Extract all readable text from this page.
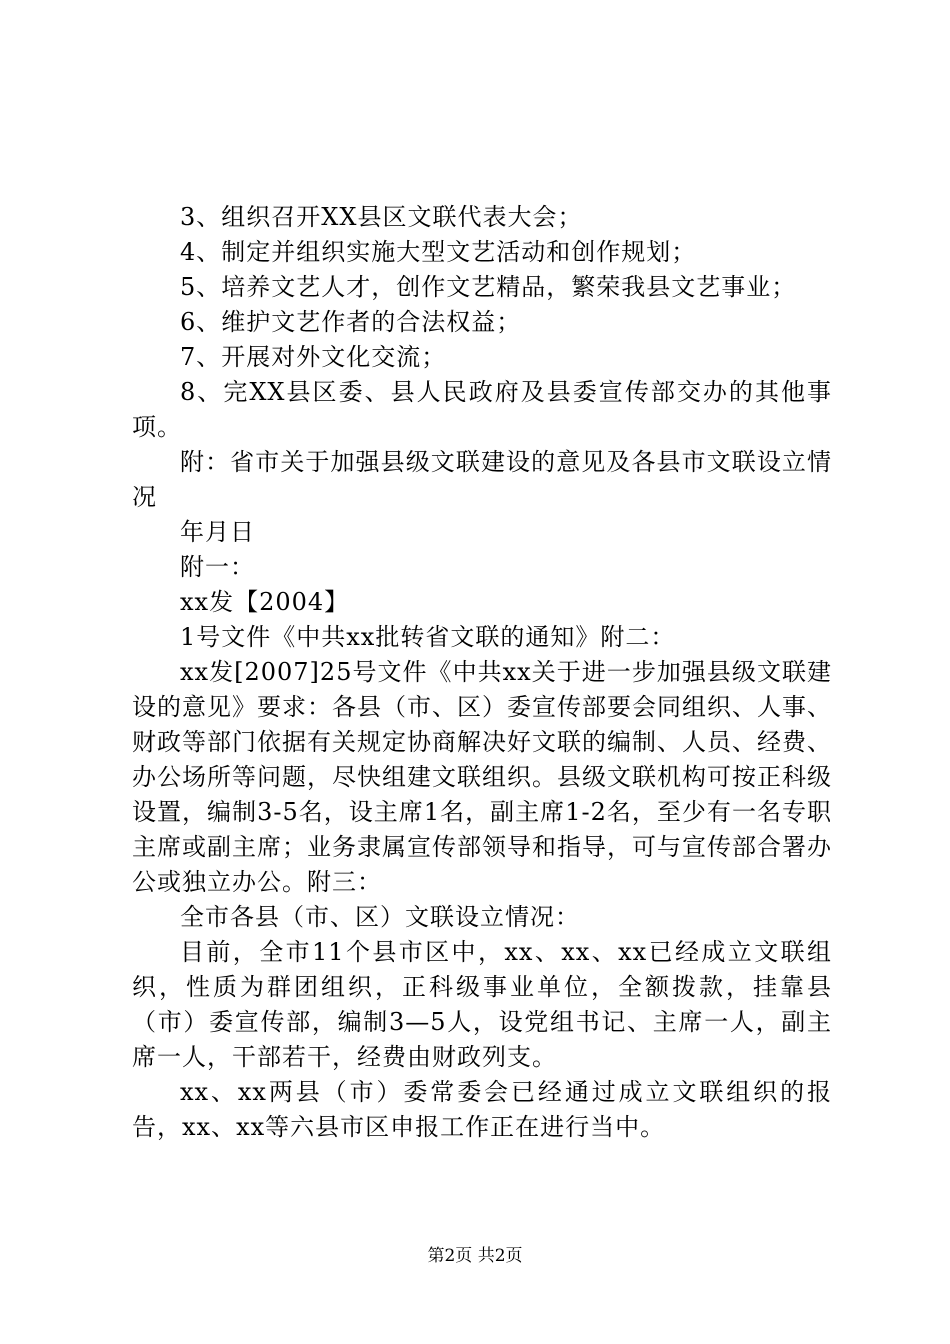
3、组织召开XX县区文联代表大会；

4、制定并组织实施大型文艺活动和创作规划；

5、培养文艺人才，创作文艺精品，繁荣我县文艺事业；

6、维护文艺作者的合法权益；

7、开展对外文化交流；

8、完XX县区委、县人民政府及县委宣传部交办的其他事项。

附：省市关于加强县级文联建设的意见及各县市文联设立情况

年月日

附一：

xx发【2004】

1号文件《中共xx批转省文联的通知》附二：

xx发[2007]25号文件《中共xx关于进一步加强县级文联建设的意见》要求：各县（市、区）委宣传部要会同组织、人事、财政等部门依据有关规定协商解决好文联的编制、人员、经费、办公场所等问题，尽快组建文联组织。县级文联机构可按正科级设置，编制3-5名，设主席1名，副主席1-2名，至少有一名专职主席或副主席；业务隶属宣传部领导和指导，可与宣传部合署办公或独立办公。附三：

全市各县（市、区）文联设立情况：

目前，全市11个县市区中，xx、xx、xx已经成立文联组织，性质为群团组织，正科级事业单位，全额拨款，挂靠县（市）委宣传部，编制3—5人，设党组书记、主席一人，副主席一人，干部若干，经费由财政列支。

xx、xx两县（市）委常委会已经通过成立文联组织的报告，xx、xx等六县市区申报工作正在进行当中。

第2页 共2页
